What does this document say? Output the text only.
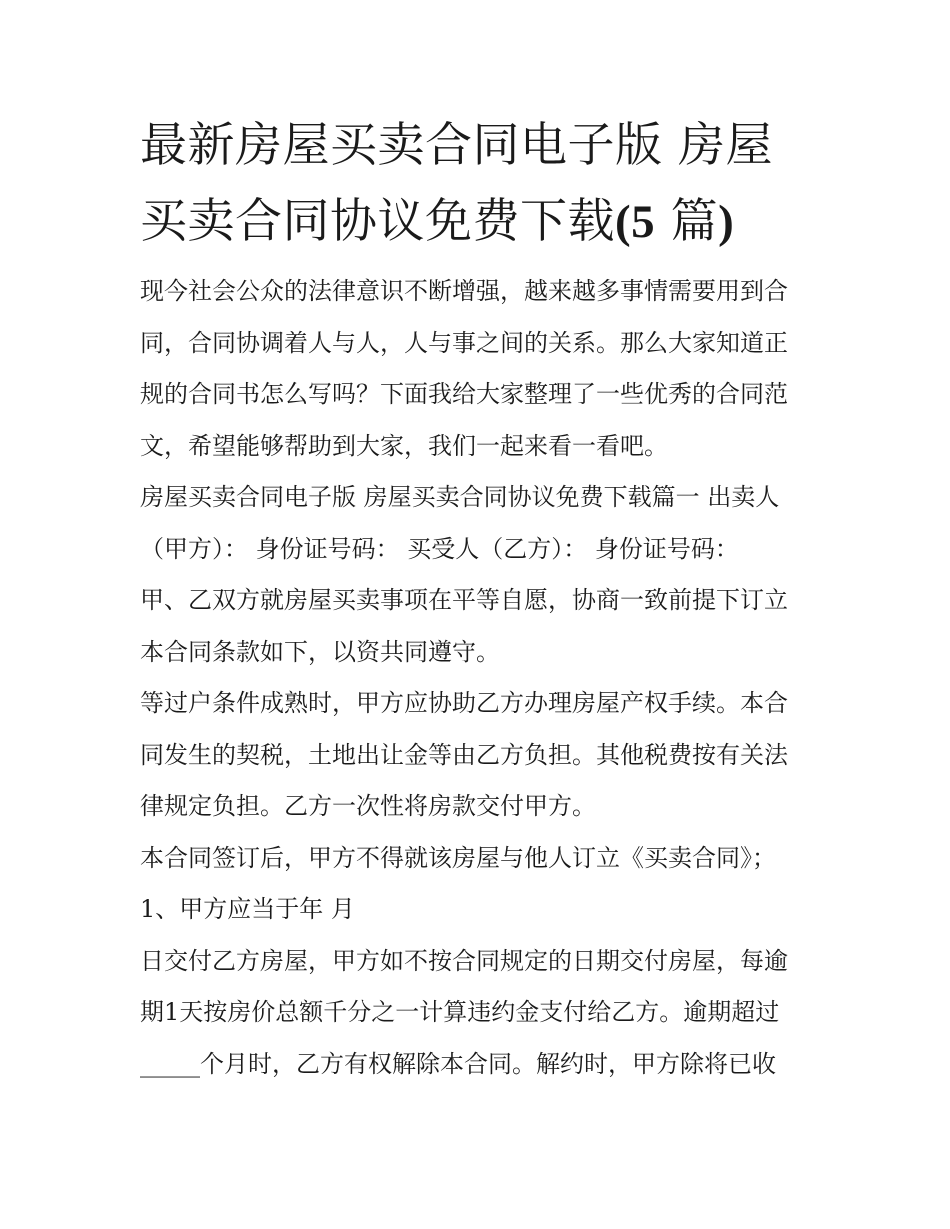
最新房屋买卖合同电子版 房屋
买卖合同协议免费下载(5 篇)
现今社会公众的法律意识不断增强，越来越多事情需要用到合
同，合同协调着人与人，人与事之间的关系。那么大家知道正
规的合同书怎么写吗？下面我给大家整理了一些优秀的合同范
文，希望能够帮助到大家，我们一起来看一看吧。
房屋买卖合同电子版 房屋买卖合同协议免费下载篇一 出卖人
（甲方）： 身份证号码： 买受人（乙方）： 身份证号码：
甲、乙双方就房屋买卖事项在平等自愿，协商一致前提下订立
本合同条款如下，以资共同遵守。
等过户条件成熟时，甲方应协助乙方办理房屋产权手续。本合
同发生的契税，土地出让金等由乙方负担。其他税费按有关法
律规定负担。乙方一次性将房款交付甲方。
本合同签订后，甲方不得就该房屋与他人订立《买卖合同》；
1、甲方应当于年 月
日交付乙方房屋，甲方如不按合同规定的日期交付房屋，每逾
期1天按房价总额千分之一计算违约金支付给乙方。逾期超过
_____个月时，乙方有权解除本合同。解约时，甲方除将已收
